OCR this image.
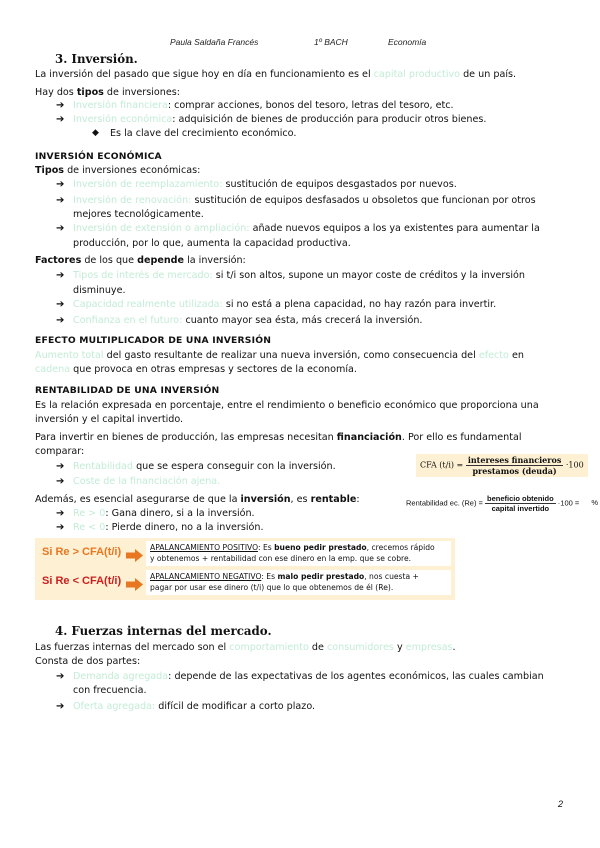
Paula Saldaña Francés	1º BACH	Economía
3. Inversión.
La inversión del pasado que sigue hoy en día en funcionamiento es el capital productivo de un país.
Hay dos tipos de inversiones:
➔ Inversión financiera: comprar acciones, bonos del tesoro, letras del tesoro, etc.
➔ Inversión económica: adquisición de bienes de producción para producir otros bienes.
◆ Es la clave del crecimiento económico.
INVERSIÓN ECONÓMICA
Tipos de inversiones económicas:
➔ Inversión de reemplazamiento: sustitución de equipos desgastados por nuevos.
➔ Inversión de renovación: sustitución de equipos desfasados u obsoletos que funcionan por otros
mejores tecnológicamente.
➔ Inversión de extensión o ampliación: añade nuevos equipos a los ya existentes para aumentar la
producción, por lo que, aumenta la capacidad productiva.
Factores de los que depende la inversión:
➔ Tipos de interés de mercado: si t/i son altos, supone un mayor coste de créditos y la inversión
disminuye.
➔ Capacidad realmente utilizada: si no está a plena capacidad, no hay razón para invertir.
➔ Confianza en el futuro: cuanto mayor sea ésta, más crecerá la inversión.
EFECTO MULTIPLICADOR DE UNA INVERSIÓN
Aumento total del gasto resultante de realizar una nueva inversión, como consecuencia del efecto en
cadena que provoca en otras empresas y sectores de la economía.
RENTABILIDAD DE UNA INVERSIÓN
Es la relación expresada en porcentaje, entre el rendimiento o beneficio económico que proporciona una
inversión y el capital invertido.
Para invertir en bienes de producción, las empresas necesitan financiación. Por ello es fundamental
comparar:
➔ Rentabilidad que se espera conseguir con la inversión.
➔ Coste de la financiación ajena.
CFA $(t/i) = \frac{\text{intereses financieros}}{\text{prestamos (deuda)}} \cdot 100$
Además, es esencial asegurarse de que la inversión, es rentable:
➔ Re > 0: Gana dinero, si a la inversión.
➔ Re < 0: Pierde dinero, no a la inversión.
Rentabilidad ec. $(Re) = \frac{\text{beneficio obtenido}}{\text{capital invertido}} \cdot 100$ = %
Si Re > CFA(t/i)	APALANCAMIENTO POSITIVO: Es bueno pedir prestado, crecemos rápido
y obtenemos + rentabilidad con ese dinero en la emp. que se cobre.
Si Re < CFA(t/i)	APALANCAMIENTO NEGATIVO: Es malo pedir prestado, nos cuesta +
pagar por usar ese dinero (t/i) que lo que obtenemos de él (Re).
4. Fuerzas internas del mercado.
Las fuerzas internas del mercado son el comportamiento de consumidores y empresas.
Consta de dos partes:
➔ Demanda agregada: depende de las expectativas de los agentes económicos, las cuales cambian
con frecuencia.
➔ Oferta agregada: difícil de modificar a corto plazo.
2
